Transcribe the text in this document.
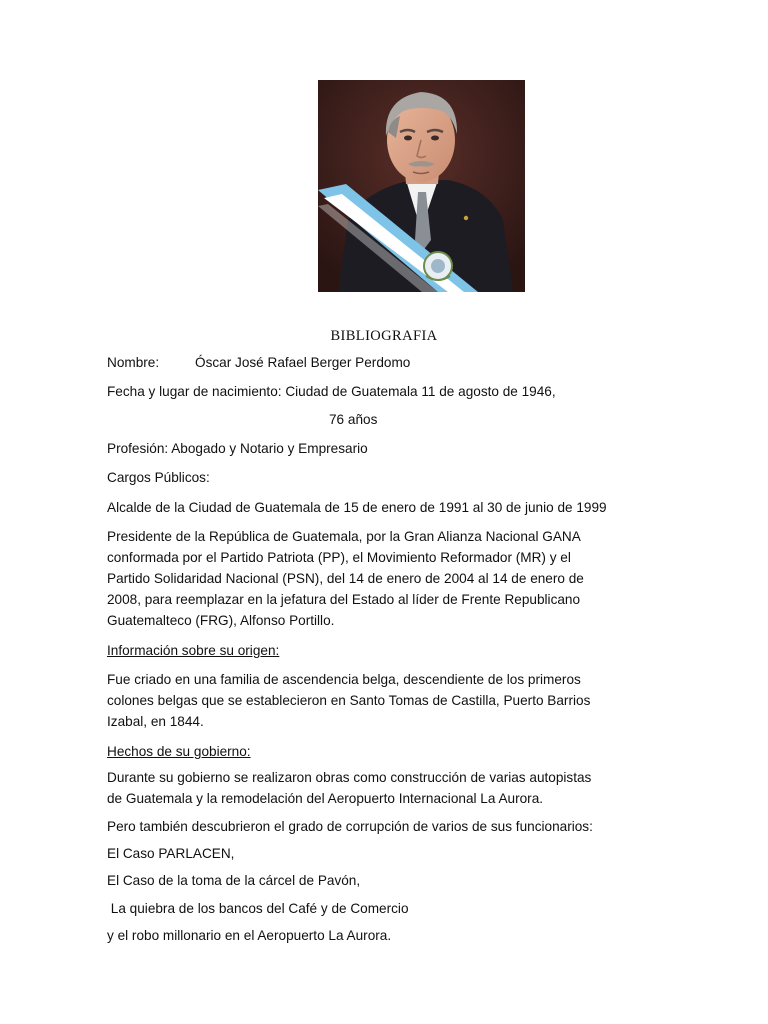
BIBLIOGRAFIA
Nombre:	Óscar José Rafael Berger Perdomo
Fecha y lugar de nacimiento: Ciudad de Guatemala 11 de agosto de 1946,
76 años
Profesión: Abogado y Notario y Empresario
Cargos Públicos:
Alcalde de la Ciudad de Guatemala de 15 de enero de 1991 al 30 de junio de 1999
Presidente de la República de Guatemala, por la Gran Alianza Nacional GANA
conformada por el Partido Patriota (PP), el Movimiento Reformador (MR) y el
Partido Solidaridad Nacional (PSN), del 14 de enero de 2004 al 14 de enero de
2008, para reemplazar en la jefatura del Estado al líder de Frente Republicano
Guatemalteco (FRG), Alfonso Portillo.
Información sobre su origen:
Fue criado en una familia de ascendencia belga, descendiente de los primeros
colones belgas que se establecieron en Santo Tomas de Castilla, Puerto Barrios
Izabal, en 1844.
Hechos de su gobierno:
Durante su gobierno se realizaron obras como construcción de varias autopistas
de Guatemala y la remodelación del Aeropuerto Internacional La Aurora.
Pero también descubrieron el grado de corrupción de varios de sus funcionarios:
El Caso PARLACEN,
El Caso de la toma de la cárcel de Pavón,
La quiebra de los bancos del Café y de Comercio
y el robo millonario en el Aeropuerto La Aurora.
